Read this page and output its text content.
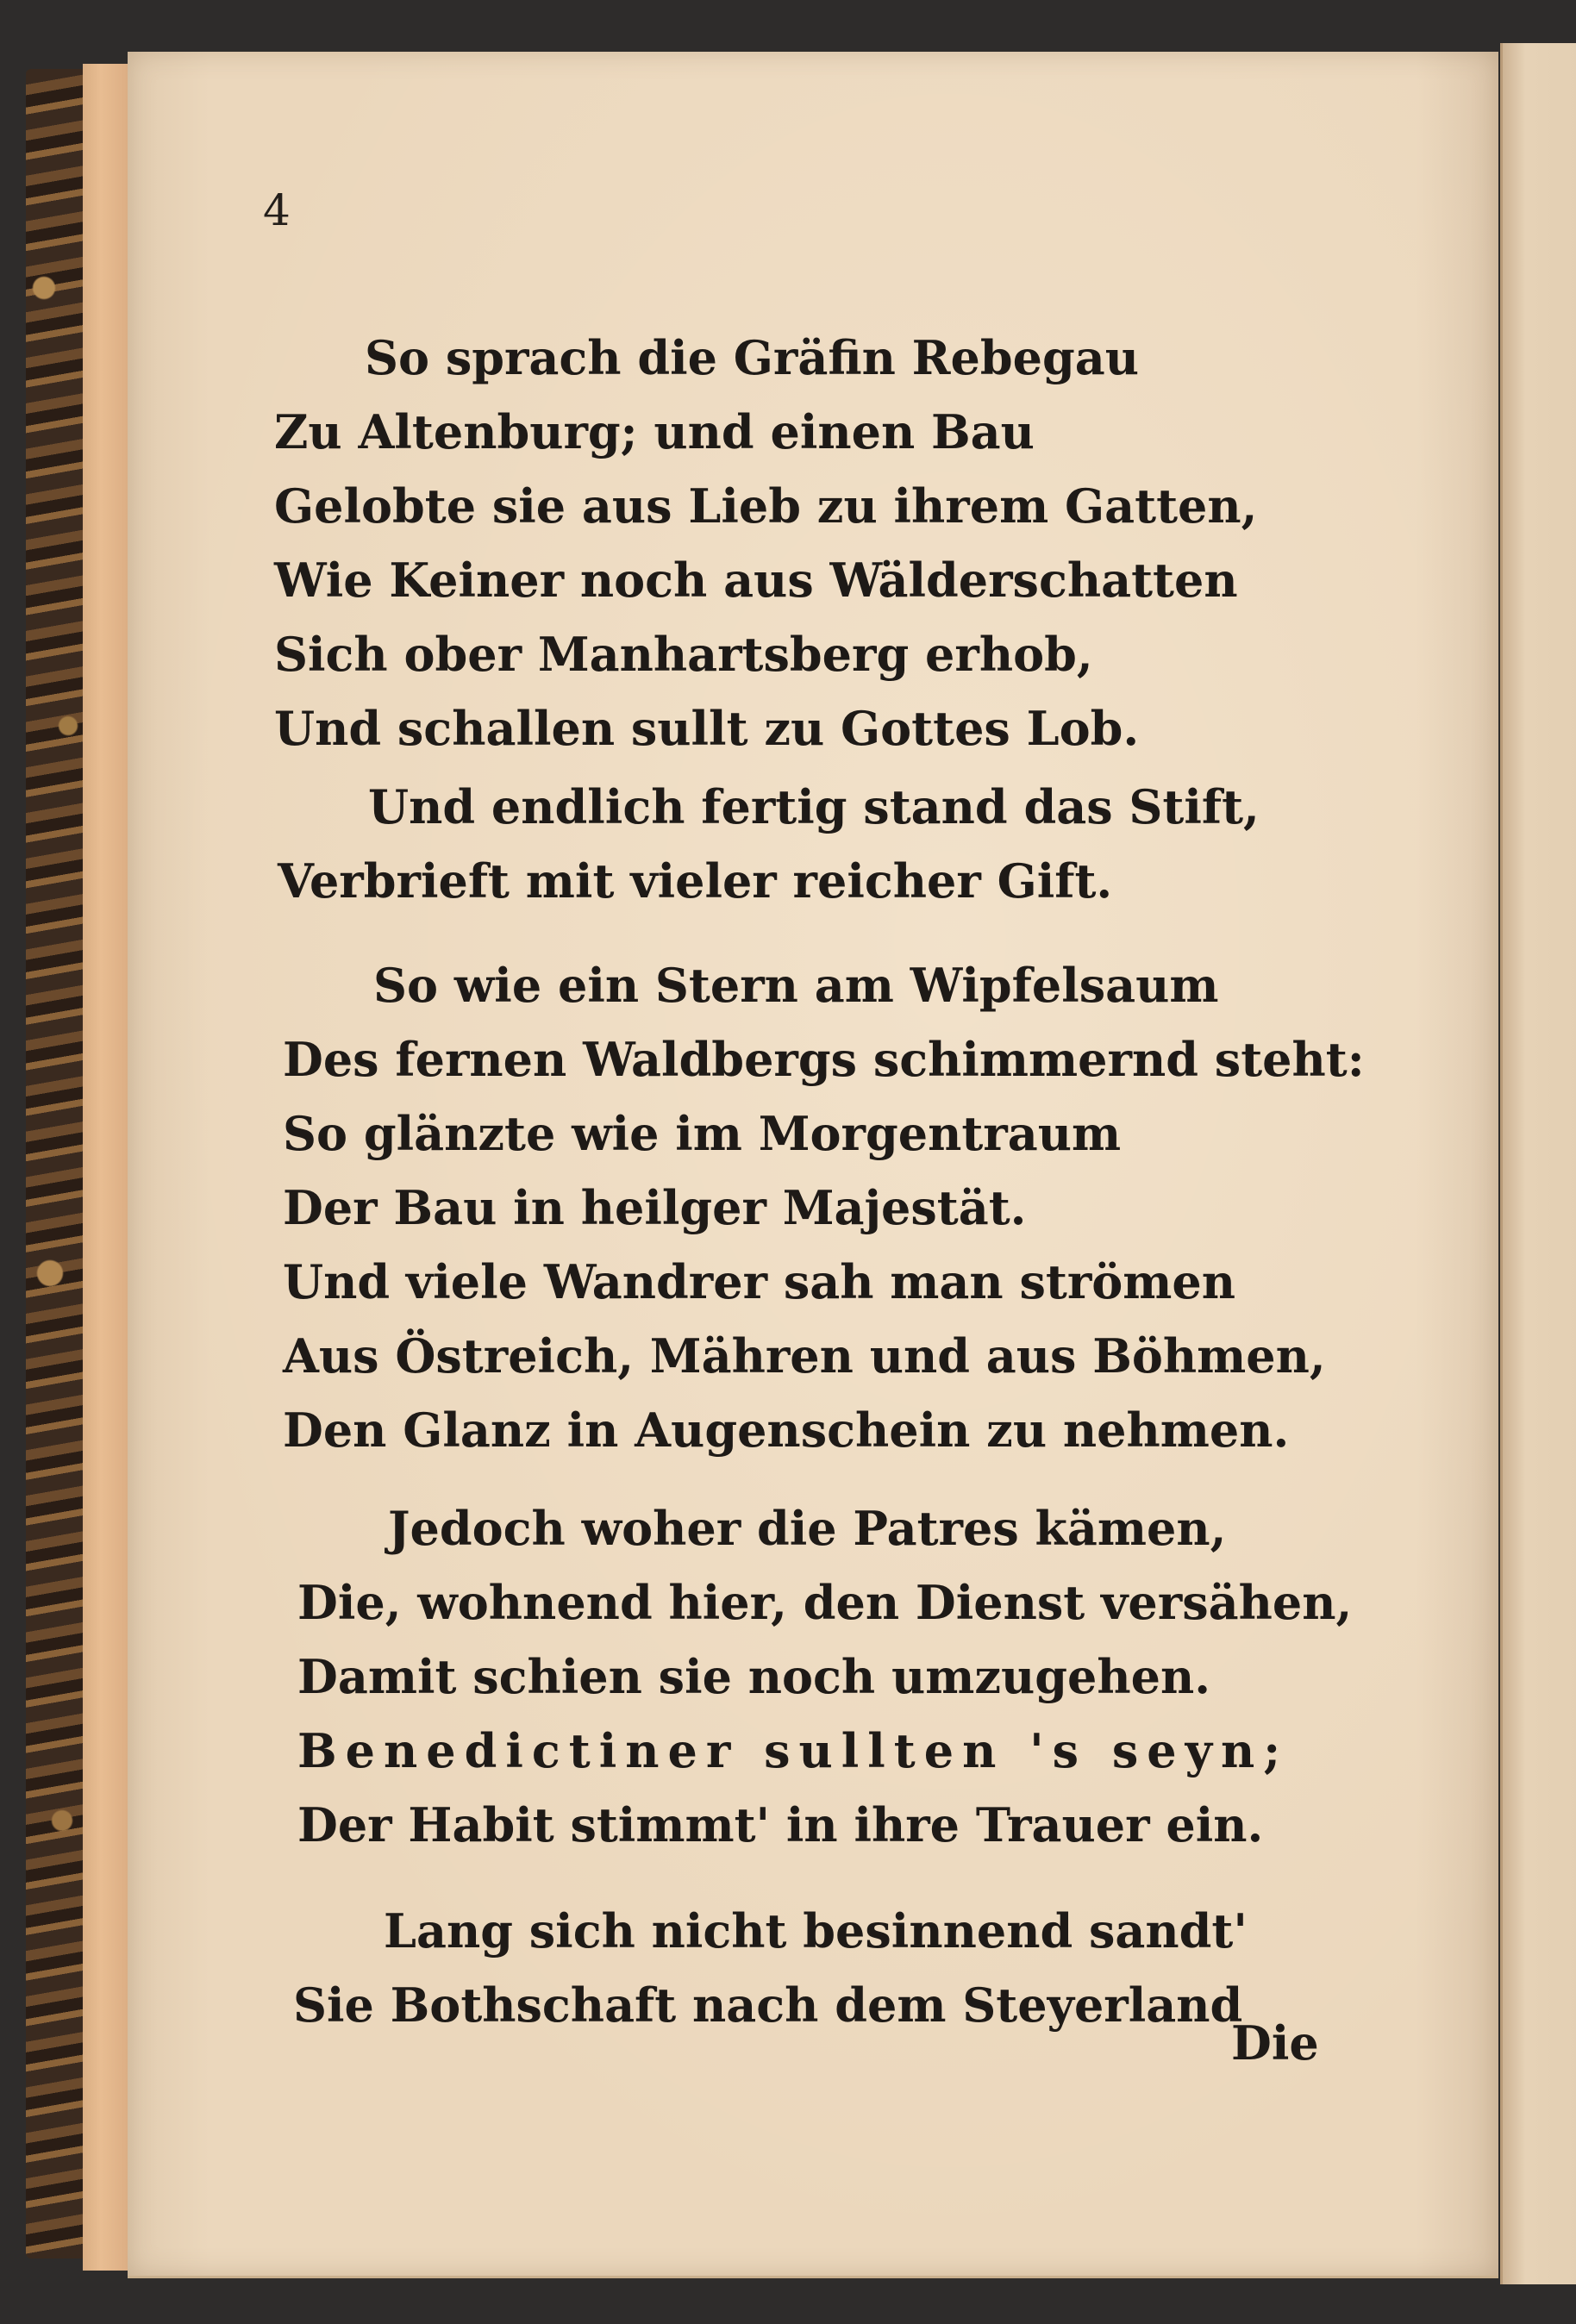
4
So sprach die Gräfin Rebegau
Zu Altenburg; und einen Bau
Gelobte sie aus Lieb zu ihrem Gatten,
Wie Keiner noch aus Wälderschatten
Sich ober Manhartsberg erhob,
Und schallen sullt zu Gottes Lob.
Und endlich fertig stand das Stift,
Verbrieft mit vieler reicher Gift.
So wie ein Stern am Wipfelsaum
Des fernen Waldbergs schimmernd steht:
So glänzte wie im Morgentraum
Der Bau in heilger Majestät.
Und viele Wandrer sah man strömen
Aus Östreich, Mähren und aus Böhmen,
Den Glanz in Augenschein zu nehmen.
Jedoch woher die Patres kämen,
Die, wohnend hier, den Dienst versähen,
Damit schien sie noch umzugehen.
Benedictiner sullten 's seyn;
Der Habit stimmt' in ihre Trauer ein.
Lang sich nicht besinnend sandt'
Sie Bothschaft nach dem Steyerland
Die
